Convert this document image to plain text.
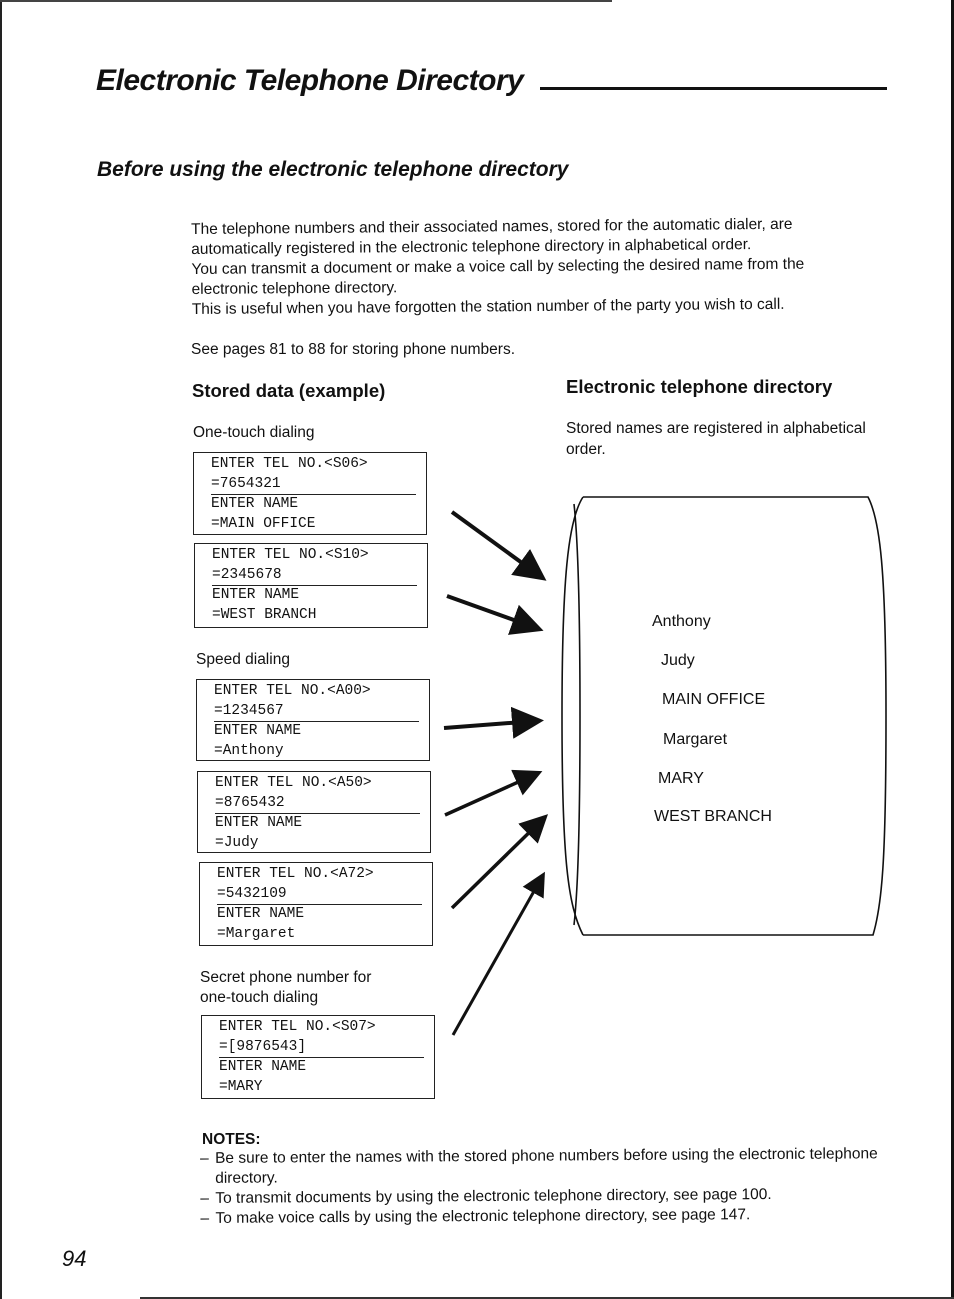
Electronic Telephone Directory
Before using the electronic telephone directory

The telephone numbers and their associated names, stored for the automatic dialer, are automatically registered in the electronic telephone directory in alphabetical order.

You can transmit a document or make a voice call by selecting the desired name from the electronic telephone directory.

This is useful when you have forgotten the station number of the party you wish to call.

See pages 81 to 88 for storing phone numbers.

Stored data (example)	Electronic telephone directory

Stored names are registered in alphabetical order.

One-touch dialing

ENTER TEL NO.<S06>
=7654321
ENTER NAME
=MAIN OFFICE
ENTER TEL NO.<S10>
=2345678
ENTER NAME
=WEST BRANCH

Speed dialing

ENTER TEL NO.<A00>
=1234567
ENTER NAME
=Anthony
ENTER TEL NO.<A50>
=8765432
ENTER NAME
=Judy
ENTER TEL NO.<A72>
=5432109
ENTER NAME
=Margaret

Secret phone number for

one-touch dialing

ENTER TEL NO.<S07>
=[9876543]
ENTER NAME
=MARY

Anthony

Judy

MAIN OFFICE

Margaret

MARY

WEST BRANCH

NOTES:

– Be sure to enter the names with the stored phone numbers before using the electronic telephone directory.
– To transmit documents by using the electronic telephone directory, see page 100.
– To make voice calls by using the electronic telephone directory, see page 147.

94
